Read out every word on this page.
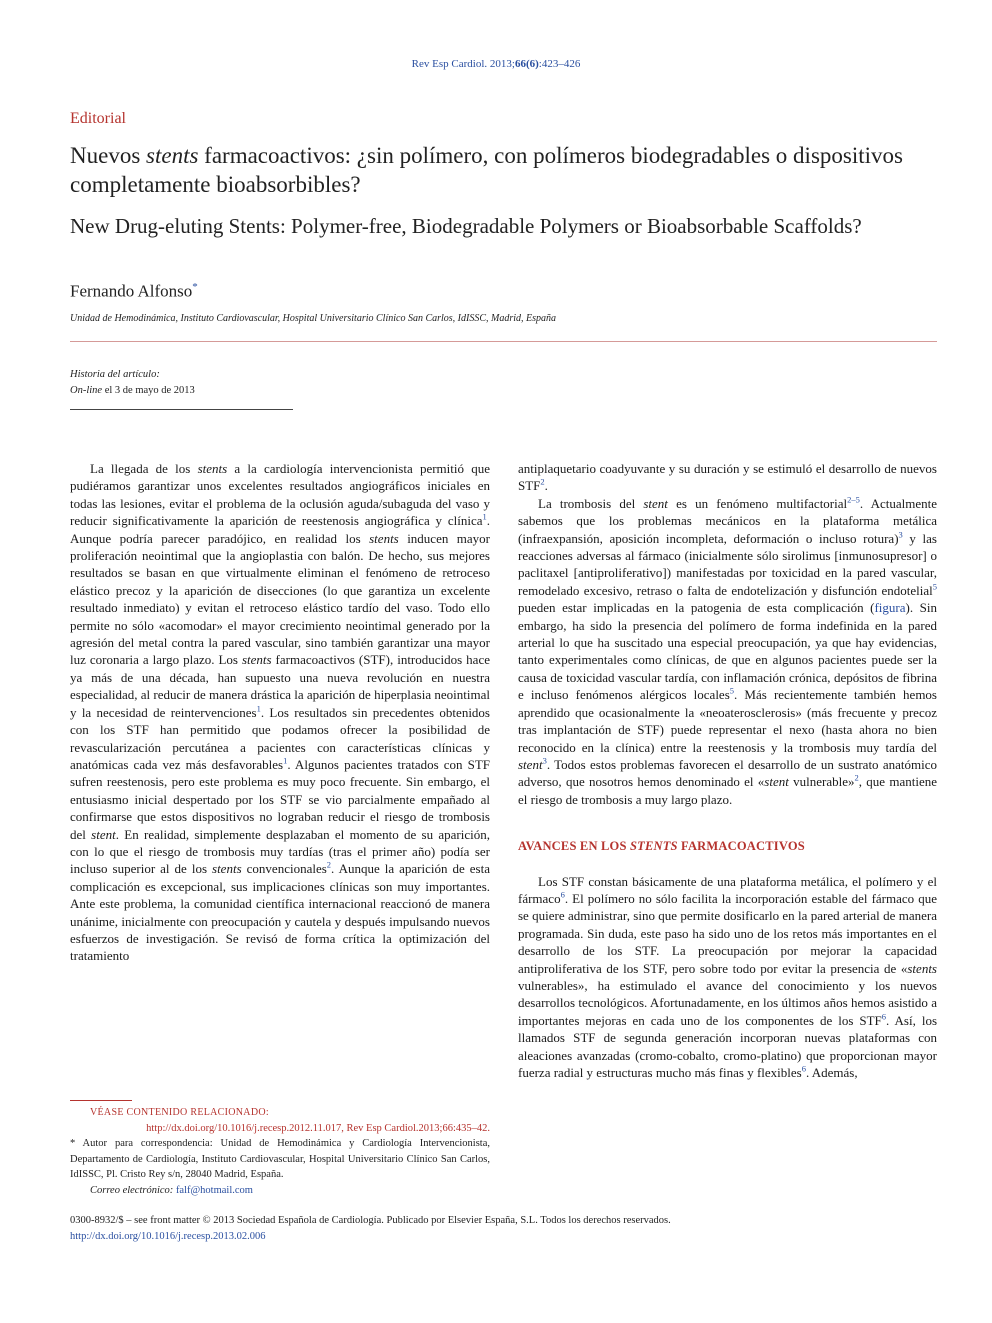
Rev Esp Cardiol. 2013;66(6):423–426
Editorial
Nuevos stents farmacoactivos: ¿sin polímero, con polímeros biodegradables o dispositivos completamente bioabsorbibles?
New Drug-eluting Stents: Polymer-free, Biodegradable Polymers or Bioabsorbable Scaffolds?
Fernando Alfonso*
Unidad de Hemodinámica, Instituto Cardiovascular, Hospital Universitario Clínico San Carlos, IdISSC, Madrid, España
Historia del artículo:
On-line el 3 de mayo de 2013

La llegada de los stents a la cardiología intervencionista permitió que pudiéramos garantizar unos excelentes resultados angiográficos iniciales en todas las lesiones, evitar el problema de la oclusión aguda/subaguda del vaso y reducir significativamente la aparición de reestenosis angiográfica y clínica$^1$. Aunque podría parecer paradójico, en realidad los stents inducen mayor proliferación neointimal que la angioplastia con balón. De hecho, sus mejores resultados se basan en que virtualmente eliminan el fenómeno de retroceso elástico precoz y la aparición de disecciones (lo que garantiza un excelente resultado inmediato) y evitan el retroceso elástico tardío del vaso. Todo ello permite no sólo «acomodar» el mayor crecimiento neointimal generado por la agresión del metal contra la pared vascular, sino también garantizar una mayor luz coronaria a largo plazo. Los stents farmacoactivos (STF), introducidos hace ya más de una década, han supuesto una nueva revolución en nuestra especialidad, al reducir de manera drástica la aparición de hiperplasia neointimal y la necesidad de reintervenciones$^1$. Los resultados sin precedentes obtenidos con los STF han permitido que podamos ofrecer la posibilidad de revascularización percutánea a pacientes con características clínicas y anatómicas cada vez más desfavorables$^1$. Algunos pacientes tratados con STF sufren reestenosis, pero este problema es muy poco frecuente. Sin embargo, el entusiasmo inicial despertado por los STF se vio parcialmente empañado al confirmarse que estos dispositivos no lograban reducir el riesgo de trombosis del stent. En realidad, simplemente desplazaban el momento de su aparición, con lo que el riesgo de trombosis muy tardías (tras el primer año) podía ser incluso superior al de los stents convencionales$^2$. Aunque la aparición de esta complicación es excepcional, sus implicaciones clínicas son muy importantes. Ante este problema, la comunidad científica internacional reaccionó de manera unánime, inicialmente con preocupación y cautela y después impulsando nuevos esfuerzos de investigación. Se revisó de forma crítica la optimización del tratamiento

antiplaquetario coadyuvante y su duración y se estimuló el desarrollo de nuevos STF$^2$.

La trombosis del stent es un fenómeno multifactorial$^{2-5}$. Actualmente sabemos que los problemas mecánicos en la plataforma metálica (infraexpansión, aposición incompleta, deformación o incluso rotura)$^3$ y las reacciones adversas al fármaco (inicialmente sólo sirolimus [inmunosupresor] o paclitaxel [antiproliferativo]) manifestadas por toxicidad en la pared vascular, remodelado excesivo, retraso o falta de endotelización y disfunción endotelial$^5$ pueden estar implicadas en la patogenia de esta complicación (figura). Sin embargo, ha sido la presencia del polímero de forma indefinida en la pared arterial lo que ha suscitado una especial preocupación, ya que hay evidencias, tanto experimentales como clínicas, de que en algunos pacientes puede ser la causa de toxicidad vascular tardía, con inflamación crónica, depósitos de fibrina e incluso fenómenos alérgicos locales$^5$. Más recientemente también hemos aprendido que ocasionalmente la «neoaterosclerosis» (más frecuente y precoz tras implantación de STF) puede representar el nexo (hasta ahora no bien reconocido en la clínica) entre la reestenosis y la trombosis muy tardía del stent$^3$. Todos estos problemas favorecen el desarrollo de un sustrato anatómico adverso, que nosotros hemos denominado el «stent vulnerable»$^2$, que mantiene el riesgo de trombosis a muy largo plazo.

AVANCES EN LOS STENTS FARMACOACTIVOS

Los STF constan básicamente de una plataforma metálica, el polímero y el fármaco$^6$. El polímero no sólo facilita la incorporación estable del fármaco que se quiere administrar, sino que permite dosificarlo en la pared arterial de manera programada. Sin duda, este paso ha sido uno de los retos más importantes en el desarrollo de los STF. La preocupación por mejorar la capacidad antiproliferativa de los STF, pero sobre todo por evitar la presencia de «stents vulnerables», ha estimulado el avance del conocimiento y los nuevos desarrollos tecnológicos. Afortunadamente, en los últimos años hemos asistido a importantes mejoras en cada uno de los componentes de los STF$^6$. Así, los llamados STF de segunda generación incorporan nuevas plataformas con aleaciones avanzadas (cromo-cobalto, cromo-platino) que proporcionan mayor fuerza radial y estructuras mucho más finas y flexibles$^6$. Además,

VÉASE CONTENIDO RELACIONADO:
http://dx.doi.org/10.1016/j.recesp.2012.11.017, Rev Esp Cardiol.2013;66:435–42.
* Autor para correspondencia: Unidad de Hemodinámica y Cardiología Intervencionista, Departamento de Cardiología, Instituto Cardiovascular, Hospital Universitario Clínico San Carlos, IdISSC, Pl. Cristo Rey s/n, 28040 Madrid, España.
Correo electrónico: falf@hotmail.com
0300-8932/$ – see front matter © 2013 Sociedad Española de Cardiología. Publicado por Elsevier España, S.L. Todos los derechos reservados.
http://dx.doi.org/10.1016/j.recesp.2013.02.006
